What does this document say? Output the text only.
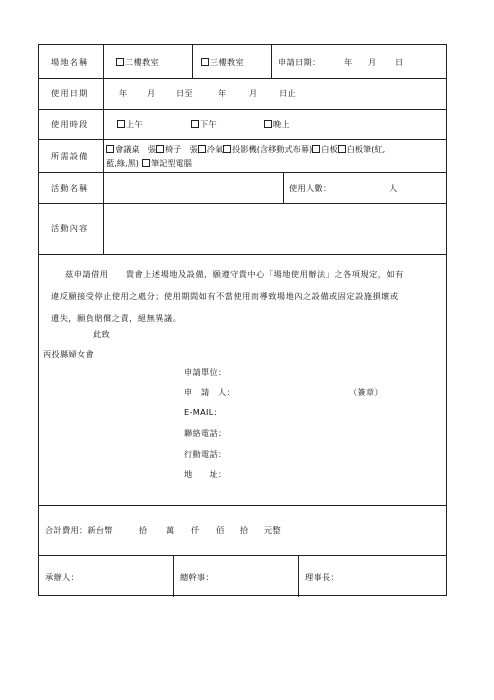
場地名稱	二樓教室	三樓教室	申請日期：	年 月 日
使用日期	年 月	日至	年	月	日止
使用時段	上午	下午	晚上
所需設備
會議桌　 張 椅子　 張 冷氣 投影機(含移動式布幕) 白板 白板筆(紅,
藍,綠,黑) 筆記型電腦
活動名稱	使用人數：	人
活動內容
茲申請借用　　貴會上述場地及設備，願遵守貴中心「場地使用辦法」之各項規定，如有
違反願接受停止使用之處分；使用期間如有不當使用而導致場地內之設備或固定設施損壞或
遺失，願負賠償之責，絕無異議。
此致
丙投縣婦女會
申請單位：
申　請　人：	（簽章）
E-MAIL：
聯絡電話：
行動電話：
地　　址：
合計費用：新台幣	拾 萬 仟 佰 拾 元整
承辦人：	總幹事：	理事長：
